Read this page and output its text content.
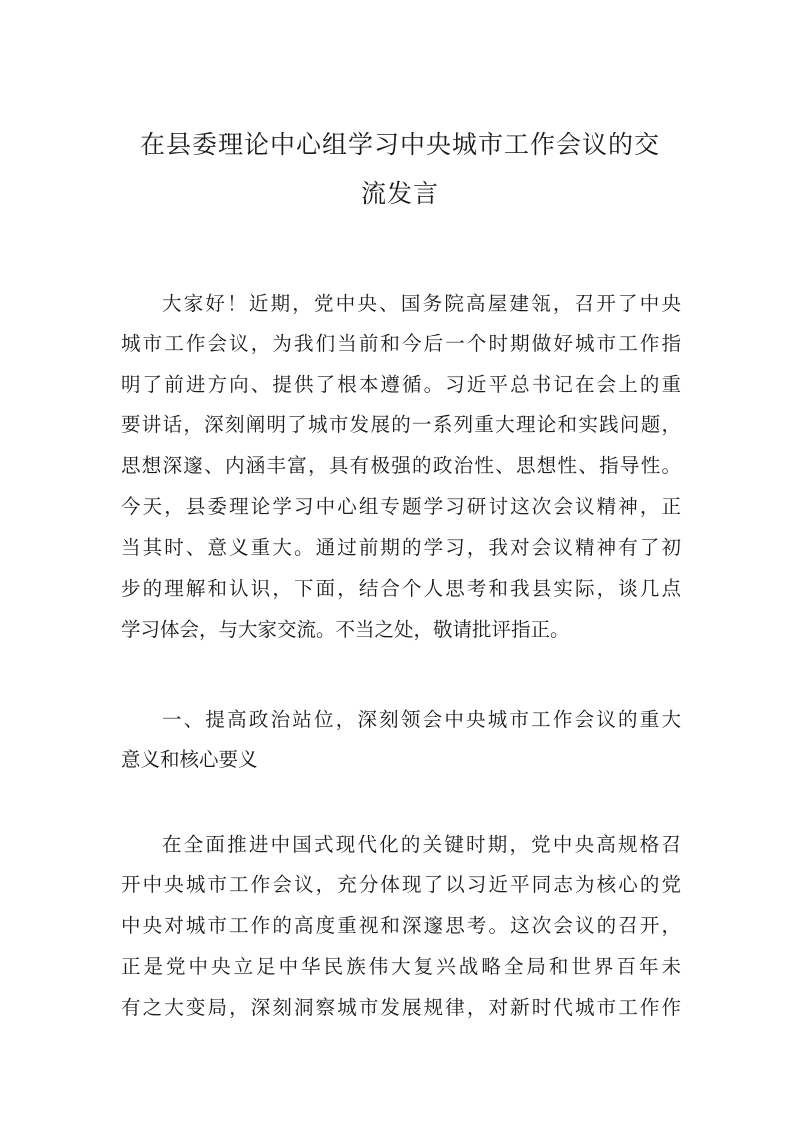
在县委理论中心组学习中央城市工作会议的交
流发言
大家好！近期，党中央、国务院高屋建瓴，召开了中央
城市工作会议，为我们当前和今后一个时期做好城市工作指
明了前进方向、提供了根本遵循。习近平总书记在会上的重
要讲话，深刻阐明了城市发展的一系列重大理论和实践问题，
思想深邃、内涵丰富，具有极强的政治性、思想性、指导性。
今天，县委理论学习中心组专题学习研讨这次会议精神，正
当其时、意义重大。通过前期的学习，我对会议精神有了初
步的理解和认识，下面，结合个人思考和我县实际，谈几点
学习体会，与大家交流。不当之处，敬请批评指正。
一、提高政治站位，深刻领会中央城市工作会议的重大
意义和核心要义
在全面推进中国式现代化的关键时期，党中央高规格召
开中央城市工作会议，充分体现了以习近平同志为核心的党
中央对城市工作的高度重视和深邃思考。这次会议的召开，
正是党中央立足中华民族伟大复兴战略全局和世界百年未
有之大变局，深刻洞察城市发展规律，对新时代城市工作作
